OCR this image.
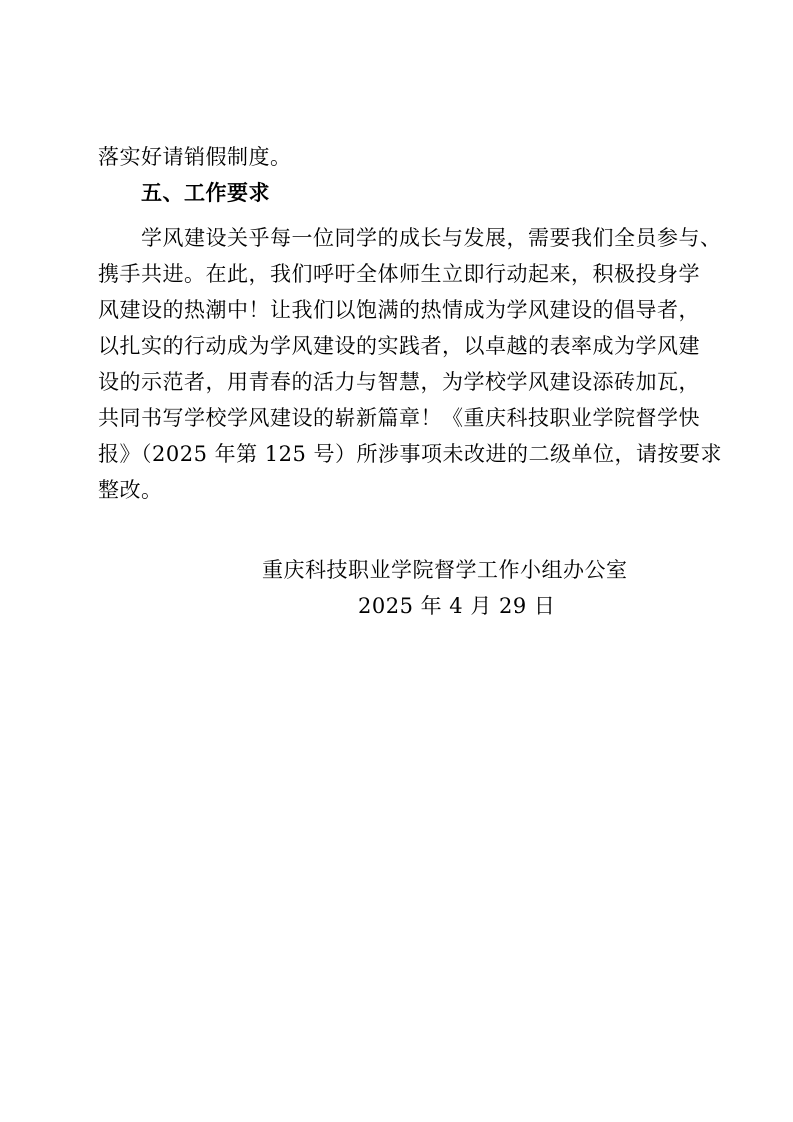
落实好请销假制度。
五、工作要求
学风建设关乎每一位同学的成长与发展，需要我们全员参与、
携手共进。在此，我们呼吁全体师生立即行动起来，积极投身学
风建设的热潮中！让我们以饱满的热情成为学风建设的倡导者，
以扎实的行动成为学风建设的实践者，以卓越的表率成为学风建
设的示范者，用青春的活力与智慧，为学校学风建设添砖加瓦，
共同书写学校学风建设的崭新篇章！《重庆科技职业学院督学快
报》（2025 年第 125 号）所涉事项未改进的二级单位，请按要求
整改。
重庆科技职业学院督学工作小组办公室
2025 年 4 月 29 日
